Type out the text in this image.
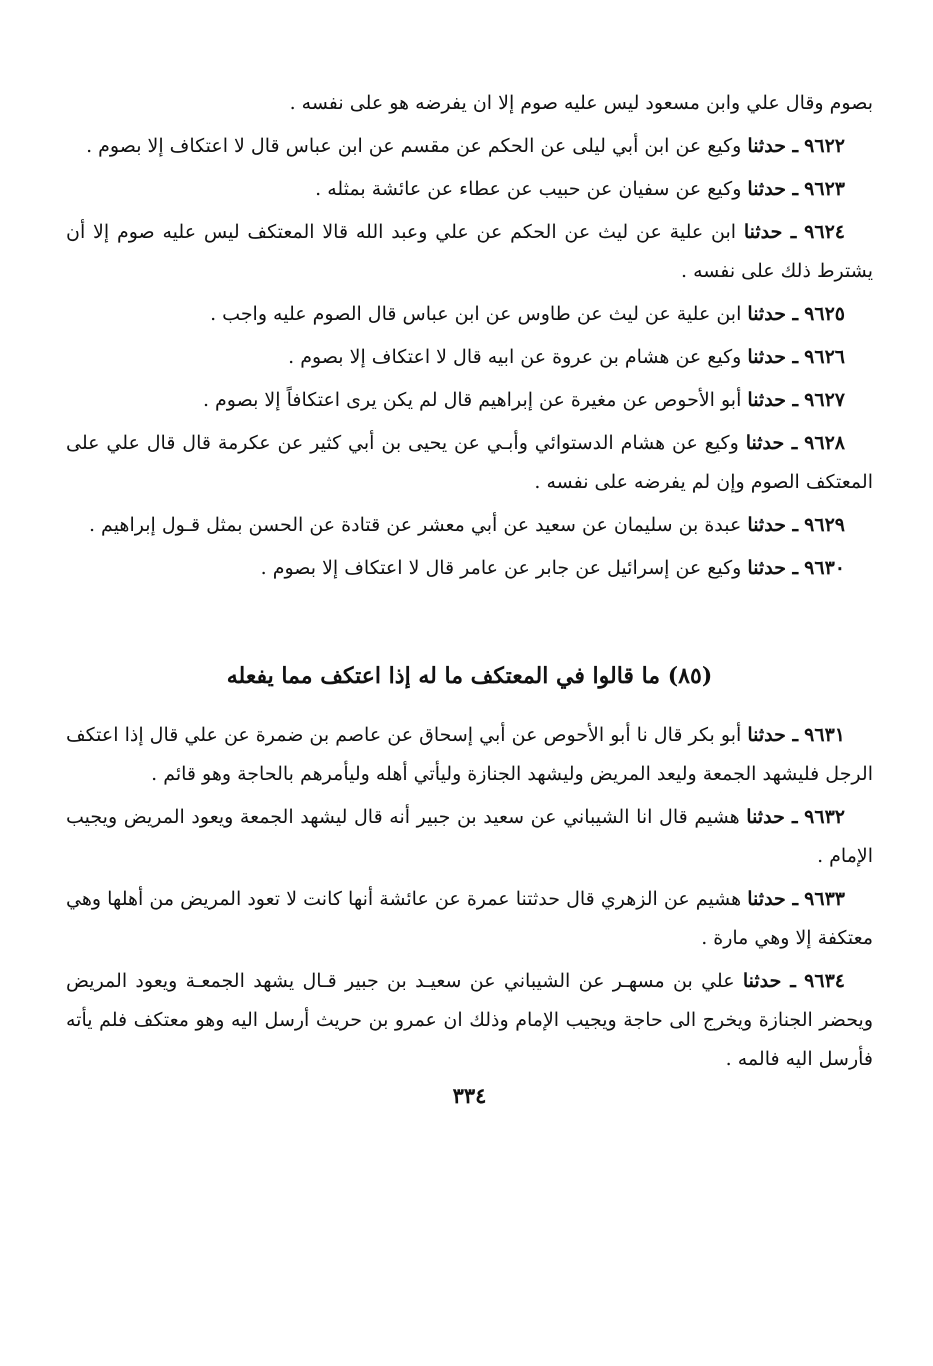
بصوم وقال علي وابن مسعود ليس عليه صوم إلا ان يفرضه هو على نفسه .

٩٦٢٢ ـ حدثنا وكيع عن ابن أبي ليلى عن الحكم عن مقسم عن ابن عباس قال لا اعتكاف إلا بصوم .

٩٦٢٣ ـ حدثنا وكيع عن سفيان عن حبيب عن عطاء عن عائشة بمثله .

٩٦٢٤ ـ حدثنا ابن علية عن ليث عن الحكم عن علي وعبد الله قالا المعتكف ليس عليه صوم إلا أن يشترط ذلك على نفسه .

٩٦٢٥ ـ حدثنا ابن علية عن ليث عن طاوس عن ابن عباس قال الصوم عليه واجب .

٩٦٢٦ ـ حدثنا وكيع عن هشام بن عروة عن ابيه قال لا اعتكاف إلا بصوم .

٩٦٢٧ ـ حدثنا أبو الأحوص عن مغيرة عن إبراهيم قال لم يكن يرى اعتكافاً إلا بصوم .

٩٦٢٨ ـ حدثنا وكيع عن هشام الدستوائي وأبـي عن يحيى بن أبي كثير عن عكرمة قال قال علي على المعتكف الصوم وإن لم يفرضه على نفسه .

٩٦٢٩ ـ حدثنا عبدة بن سليمان عن سعيد عن أبي معشر عن قتادة عن الحسن بمثل قـول إبراهيم .

٩٦٣٠ ـ حدثنا وكيع عن إسرائيل عن جابر عن عامر قال لا اعتكاف إلا بصوم .

(٨٥) ما قالوا في المعتكف ما له إذا اعتكف مما يفعله

٩٦٣١ ـ حدثنا أبو بكر قال نا أبو الأحوص عن أبي إسحاق عن عاصم بن ضمرة عن علي قال إذا اعتكف الرجل فليشهد الجمعة وليعد المريض وليشهد الجنازة وليأتي أهله وليأمرهم بالحاجة وهو قائم .

٩٦٣٢ ـ حدثنا هشيم قال انا الشيباني عن سعيد بن جبير أنه قال ليشهد الجمعة ويعود المريض ويجيب الإمام .

٩٦٣٣ ـ حدثنا هشيم عن الزهري قال حدثتنا عمرة عن عائشة أنها كانت لا تعود المريض من أهلها وهي معتكفة إلا وهي مارة .

٩٦٣٤ ـ حدثنا علي بن مسهـر عن الشيباني عن سعيـد بن جبير قـال يشهد الجمعـة ويعود المريض ويحضر الجنازة ويخرج الى حاجة ويجيب الإمام وذلك ان عمرو بن حريث أرسل اليه وهو معتكف فلم يأته فأرسل اليه فالمه .

٣٣٤
